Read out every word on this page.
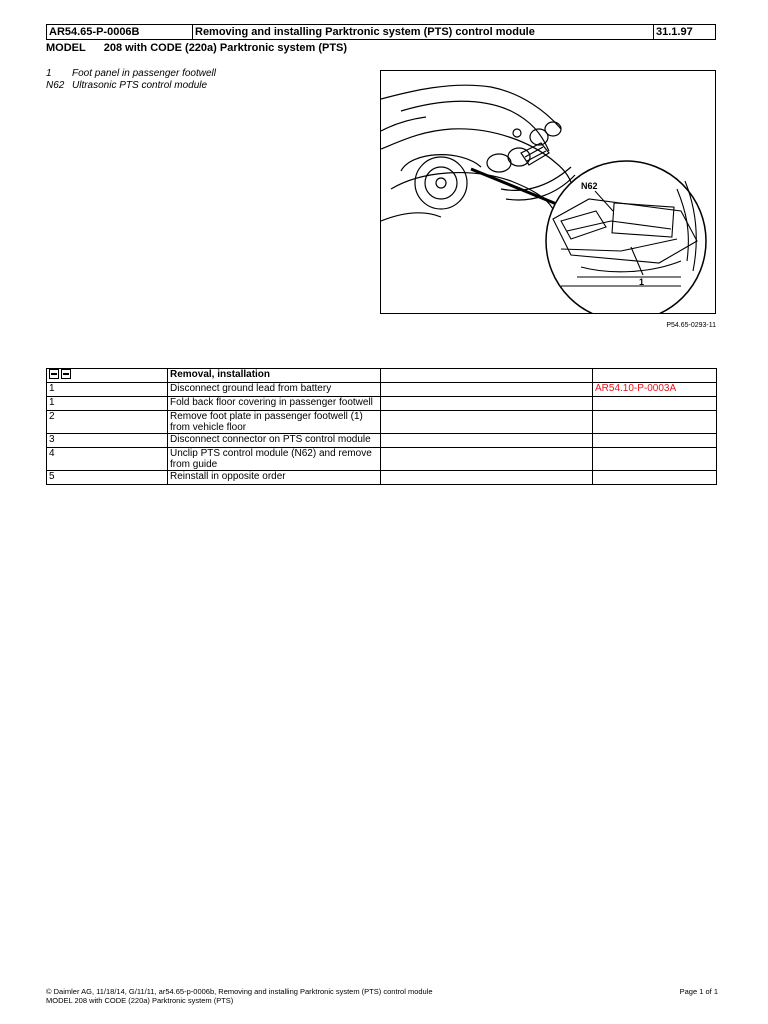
AR54.65-P-0006B	Removing and installing Parktronic system (PTS) control module	31.1.97
MODEL 208 with CODE (220a) Parktronic system (PTS)
1 Foot panel in passenger footwell
N62 Ultrasonic PTS control module
N62
1
P54.65-0293-11
	Removal, installation		
1	Disconnect ground lead from battery		AR54.10-P-0003A
1	Fold back floor covering in passenger footwell		
2	Remove foot plate in passenger footwell (1) from vehicle floor		
3	Disconnect connector on PTS control module		
4	Unclip PTS control module (N62) and remove from guide		
5	Reinstall in opposite order		
© Daimler AG, 11/18/14, G/11/11, ar54.65-p-0006b, Removing and installing Parktronic system (PTS) control module
MODEL 208 with CODE (220a) Parktronic system (PTS)
Page 1 of 1
